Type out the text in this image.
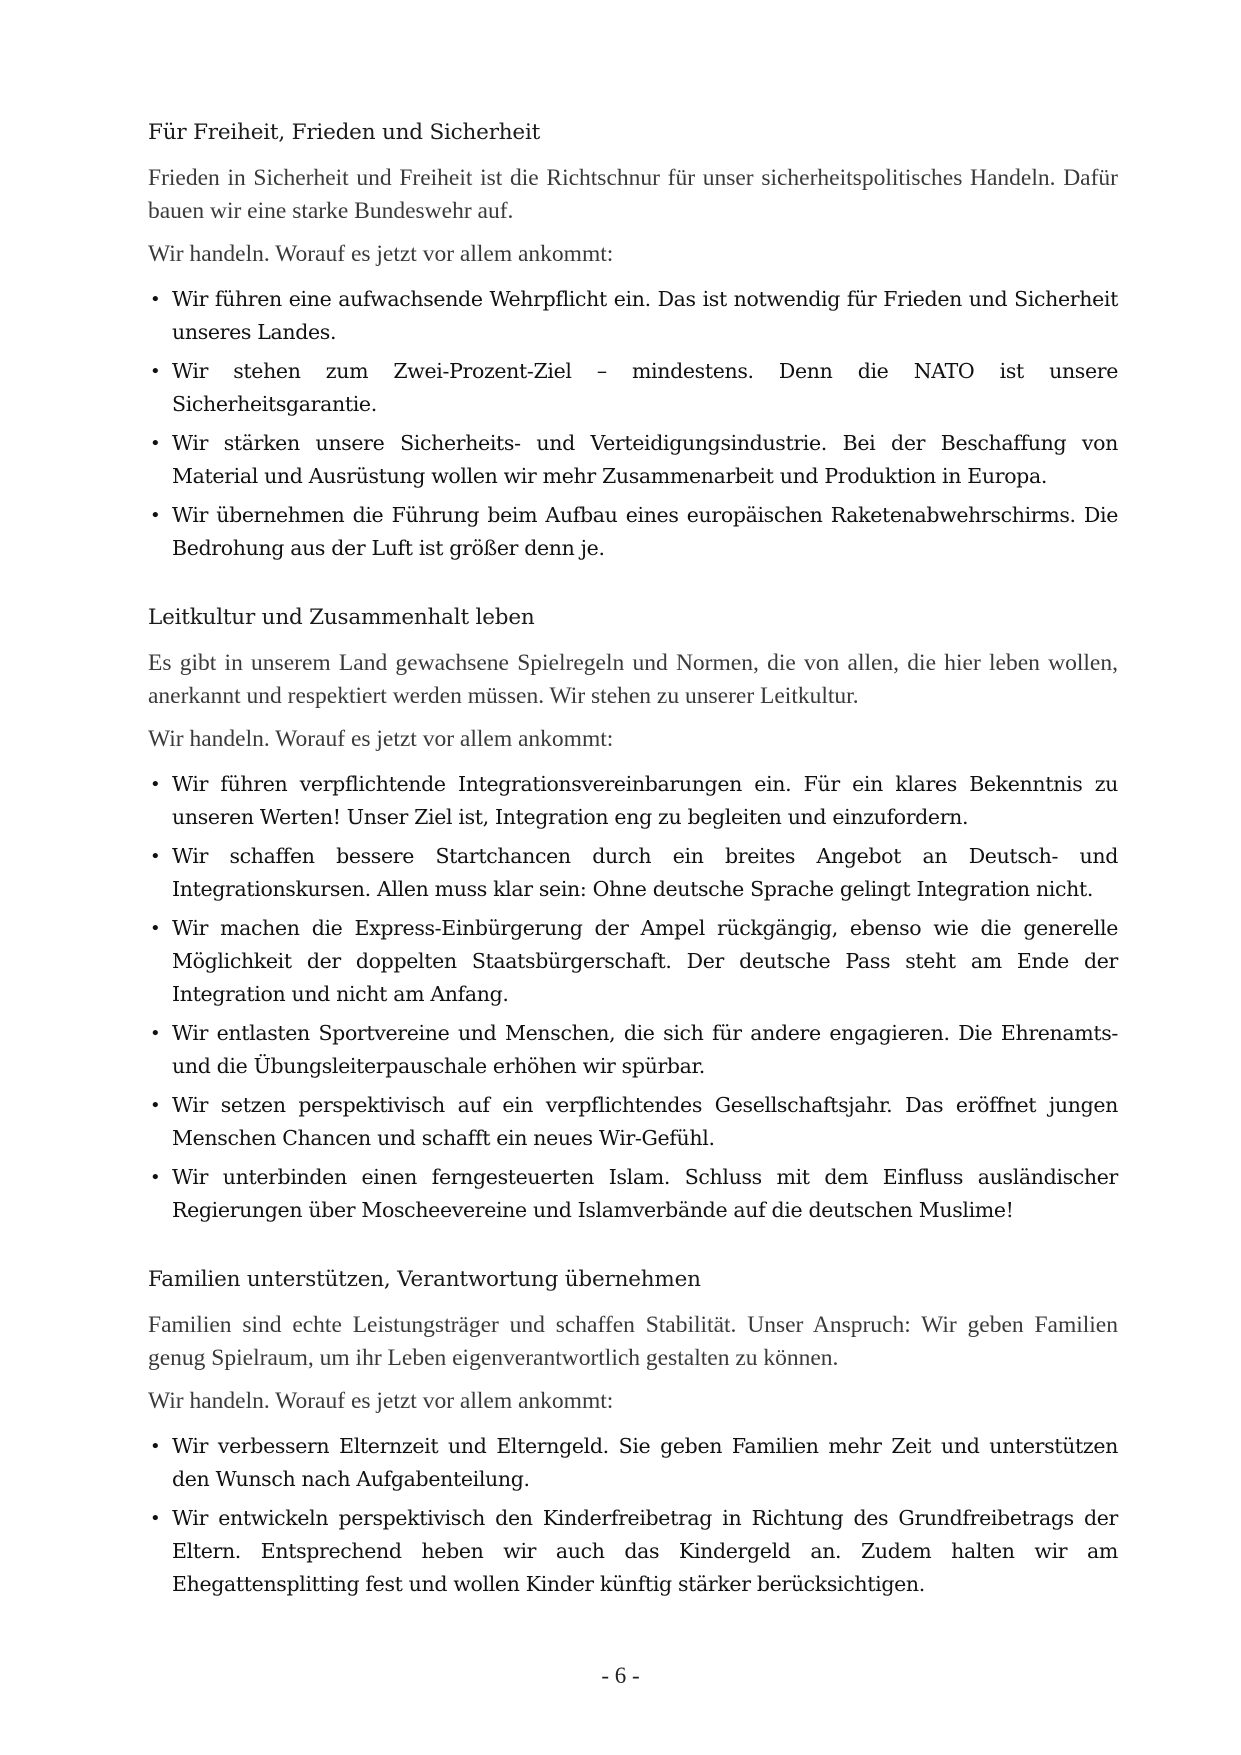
Für Freiheit, Frieden und Sicherheit

Frieden in Sicherheit und Freiheit ist die Richtschnur für unser sicherheitspolitisches Handeln. Dafür bauen wir eine starke Bundeswehr auf.

Wir handeln. Worauf es jetzt vor allem ankommt:

• Wir führen eine aufwachsende Wehrpflicht ein. Das ist notwendig für Frieden und Sicherheit unseres Landes.
• Wir stehen zum Zwei-Prozent-Ziel – mindestens. Denn die NATO ist unsere Sicherheitsgarantie.
• Wir stärken unsere Sicherheits- und Verteidigungsindustrie. Bei der Beschaffung von Material und Ausrüstung wollen wir mehr Zusammenarbeit und Produktion in Europa.
• Wir übernehmen die Führung beim Aufbau eines europäischen Raketenabwehrschirms. Die Bedrohung aus der Luft ist größer denn je.
Leitkultur und Zusammenhalt leben

Es gibt in unserem Land gewachsene Spielregeln und Normen, die von allen, die hier leben wollen, anerkannt und respektiert werden müssen. Wir stehen zu unserer Leitkultur.

Wir handeln. Worauf es jetzt vor allem ankommt:

• Wir führen verpflichtende Integrationsvereinbarungen ein. Für ein klares Bekenntnis zu unseren Werten! Unser Ziel ist, Integration eng zu begleiten und einzufordern.
• Wir schaffen bessere Startchancen durch ein breites Angebot an Deutsch- und Integrationskursen. Allen muss klar sein: Ohne deutsche Sprache gelingt Integration nicht.
• Wir machen die Express-Einbürgerung der Ampel rückgängig, ebenso wie die generelle Möglichkeit der doppelten Staatsbürgerschaft. Der deutsche Pass steht am Ende der Integration und nicht am Anfang.
• Wir entlasten Sportvereine und Menschen, die sich für andere engagieren. Die Ehrenamts- und die Übungsleiterpauschale erhöhen wir spürbar.
• Wir setzen perspektivisch auf ein verpflichtendes Gesellschaftsjahr. Das eröffnet jungen Menschen Chancen und schafft ein neues Wir-Gefühl.
• Wir unterbinden einen ferngesteuerten Islam. Schluss mit dem Einfluss ausländischer Regierungen über Moscheevereine und Islamverbände auf die deutschen Muslime!
Familien unterstützen, Verantwortung übernehmen

Familien sind echte Leistungsträger und schaffen Stabilität. Unser Anspruch: Wir geben Familien genug Spielraum, um ihr Leben eigenverantwortlich gestalten zu können.

Wir handeln. Worauf es jetzt vor allem ankommt:

• Wir verbessern Elternzeit und Elterngeld. Sie geben Familien mehr Zeit und unterstützen den Wunsch nach Aufgabenteilung.
• Wir entwickeln perspektivisch den Kinderfreibetrag in Richtung des Grundfreibetrags der Eltern. Entsprechend heben wir auch das Kindergeld an. Zudem halten wir am Ehegattensplitting fest und wollen Kinder künftig stärker berücksichtigen.
- 6 -
